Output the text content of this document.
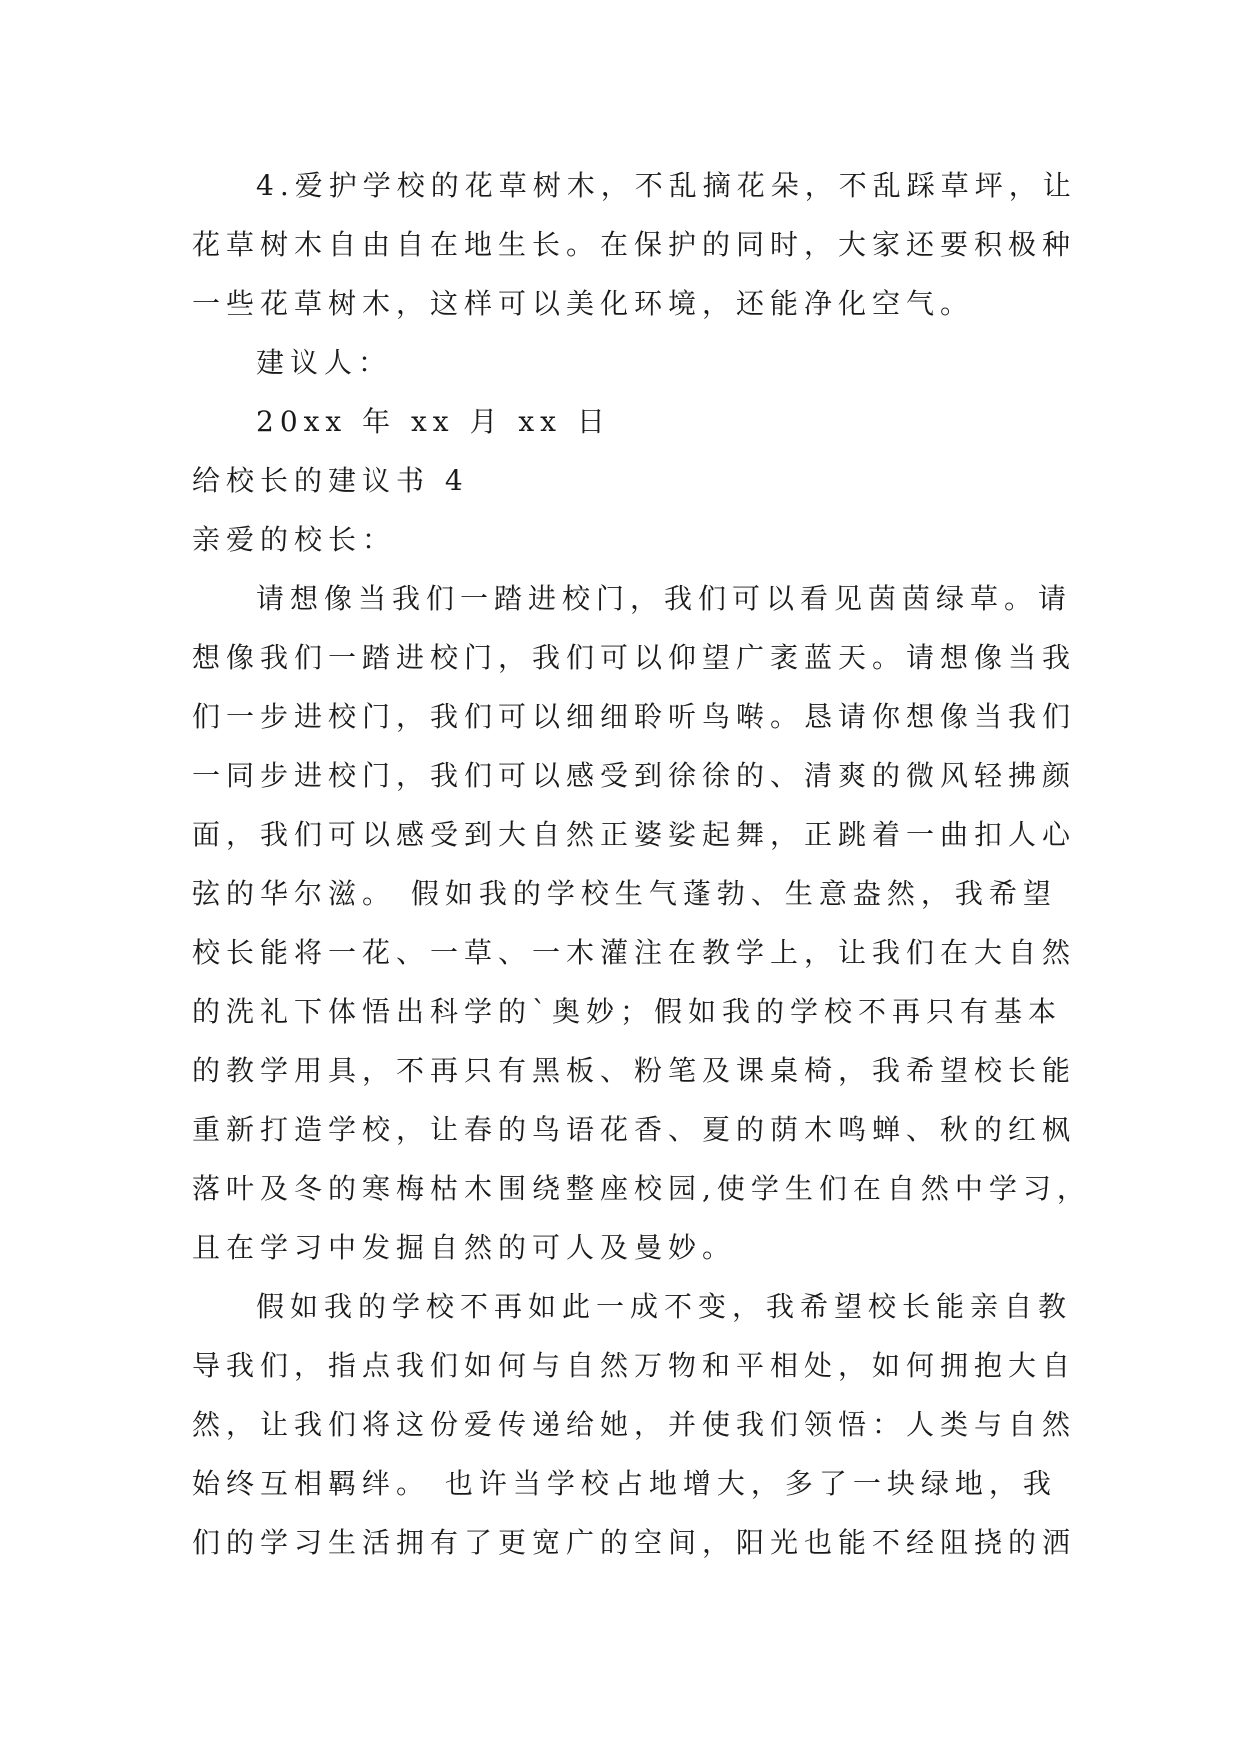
4.爱护学校的花草树木，不乱摘花朵，不乱踩草坪，让
花草树木自由自在地生长。在保护的同时，大家还要积极种
一些花草树木，这样可以美化环境，还能净化空气。
建议人：
20xx 年 xx 月 xx 日
给校长的建议书 4
亲爱的校长：
请想像当我们一踏进校门，我们可以看见茵茵绿草。请
想像我们一踏进校门，我们可以仰望广袤蓝天。请想像当我
们一步进校门，我们可以细细聆听鸟啭。恳请你想像当我们
一同步进校门，我们可以感受到徐徐的、清爽的微风轻拂颜
面，我们可以感受到大自然正婆娑起舞，正跳着一曲扣人心
弦的华尔滋。 假如我的学校生气蓬勃、生意盎然，我希望
校长能将一花、一草、一木灌注在教学上，让我们在大自然
的洗礼下体悟出科学的`奥妙；假如我的学校不再只有基本
的教学用具，不再只有黑板、粉笔及课桌椅，我希望校长能
重新打造学校，让春的鸟语花香、夏的荫木鸣蝉、秋的红枫
落叶及冬的寒梅枯木围绕整座校园,使学生们在自然中学习，
且在学习中发掘自然的可人及曼妙。
假如我的学校不再如此一成不变，我希望校长能亲自教
导我们，指点我们如何与自然万物和平相处，如何拥抱大自
然，让我们将这份爱传递给她，并使我们领悟：人类与自然
始终互相羁绊。 也许当学校占地增大，多了一块绿地，我
们的学习生活拥有了更宽广的空间，阳光也能不经阻挠的洒
